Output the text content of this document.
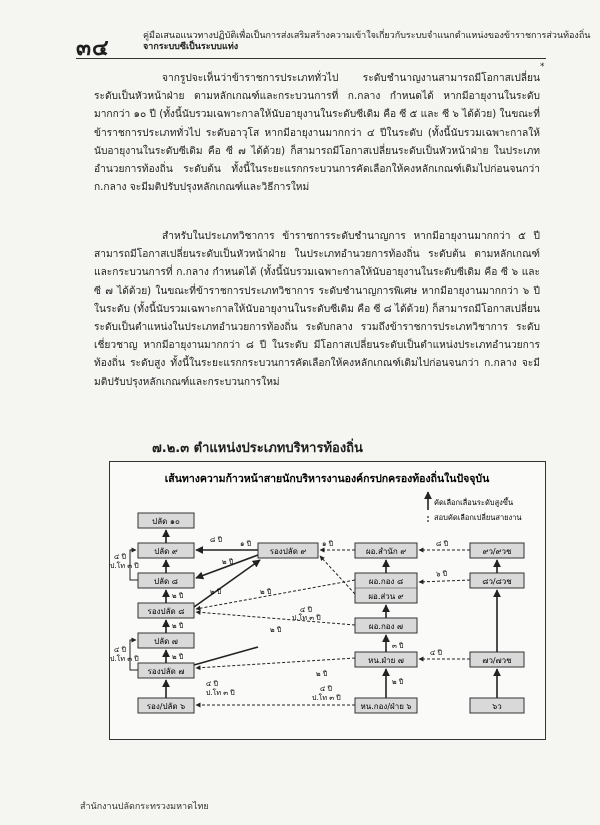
๓๔	คู่มือเสนอแนวทางปฏิบัติเพื่อเป็นการส่งเสริมสร้างความเข้าใจเกี่ยวกับระบบจำแนกตำแหน่งของข้าราชการส่วนท้องถิ่น
จากระบบซีเป็นระบบแท่ง
*

จากรูปจะเห็นว่าข้าราชการประเภททั่วไป ระดับชำนาญงานสามารถมีโอกาสเปลี่ยนระดับเป็นหัวหน้าฝ่าย ตามหลักเกณฑ์และกระบวนการที่ ก.กลาง กำหนดได้ หากมีอายุงานในระดับมากกว่า ๑๐ ปี (ทั้งนี้นับรวมเฉพาะกาลให้นับอายุงานในระดับซีเดิม คือ ซี ๕ และ ซี ๖ ได้ด้วย) ในขณะที่ข้าราชการประเภททั่วไป ระดับอาวุโส หากมีอายุงานมากกว่า ๔ ปีในระดับ (ทั้งนี้นับรวมเฉพาะกาลให้นับอายุงานในระดับซีเดิม คือ ซี ๗ ได้ด้วย) ก็สามารถมีโอกาสเปลี่ยนระดับเป็นหัวหน้าฝ่าย ในประเภทอำนวยการท้องถิ่น ระดับต้น ทั้งนี้ในระยะแรกกระบวนการคัดเลือกให้คงหลักเกณฑ์เดิมไปก่อนจนกว่า ก.กลาง จะมีมติปรับปรุงหลักเกณฑ์และวิธีการใหม่

สำหรับในประเภทวิชาการ ข้าราชการระดับชำนาญการ หากมีอายุงานมากกว่า ๕ ปี สามารถมีโอกาสเปลี่ยนระดับเป็นหัวหน้าฝ่าย ในประเภทอำนวยการท้องถิ่น ระดับต้น ตามหลักเกณฑ์และกระบวนการที่ ก.กลาง กำหนดได้ (ทั้งนี้นับรวมเฉพาะกาลให้นับอายุงานในระดับซีเดิม คือ ซี ๖ และ ซี ๗ ได้ด้วย) ในขณะที่ข้าราชการประเภทวิชาการ ระดับชำนาญการพิเศษ หากมีอายุงานมากกว่า ๖ ปี ในระดับ (ทั้งนี้นับรวมเฉพาะกาลให้นับอายุงานในระดับซีเดิม คือ ซี ๘ ได้ด้วย) ก็สามารถมีโอกาสเปลี่ยนระดับเป็นตำแหน่งในประเภทอำนวยการท้องถิ่น ระดับกลาง รวมถึงข้าราชการประเภทวิชาการ ระดับเชี่ยวชาญ หากมีอายุงานมากกว่า ๘ ปี ในระดับ มีโอกาสเปลี่ยนระดับเป็นตำแหน่งประเภทอำนวยการท้องถิ่น ระดับสูง ทั้งนี้ในระยะแรกกระบวนการคัดเลือกให้คงหลักเกณฑ์เดิมไปก่อนจนกว่า ก.กลาง จะมีมติปรับปรุงหลักเกณฑ์และกระบวนการใหม่

๗.๒.๓ ตำแหน่งประเภทบริหารท้องถิ่น
เส้นทางความก้าวหน้าสายนักบริหารงานองค์กรปกครองท้องถิ่นในปัจจุบัน
คัดเลือกเลื่อนระดับสูงขึ้น
สอบคัดเลือกเปลี่ยนสายงาน
ปลัด ๑๐
ปลัด ๙
ปลัด ๘
รองปลัด ๘
ปลัด ๗
รองปลัด ๗
รอง/ปลัด ๖
รองปลัด ๙	ผอ.สำนัก ๙
ผอ.กอง ๘
ผอ.ส่วน ๙
ผอ.กอง ๗
หน.ฝ่าย ๗
หน.กอง/ฝ่าย ๖
๙ว/๙วช
๘ว/๘วช
๗ว/๗วช
๖ว
๘ ปี
๒ ปี
๑ ปี
๒ ปี
๔ ปี
ป.โท ๓ ปี
๒ ปี
๒ ปี
๔ ปี
ป.โท ๓ ปี	๒ ปี
๔ ปี
ป.โท ๓ ปี
๑ ปี
๒ ปี
๔ ปี
ป.โท ๓ ปี
๒ ปี
๒ ปี
๔ ปี
ป.โท ๓ ปี
๘ ปี
๖ ปี
๔ ปี
๓ ปี
๒ ปี
สำนักงานปลัดกระทรวงมหาดไทย
